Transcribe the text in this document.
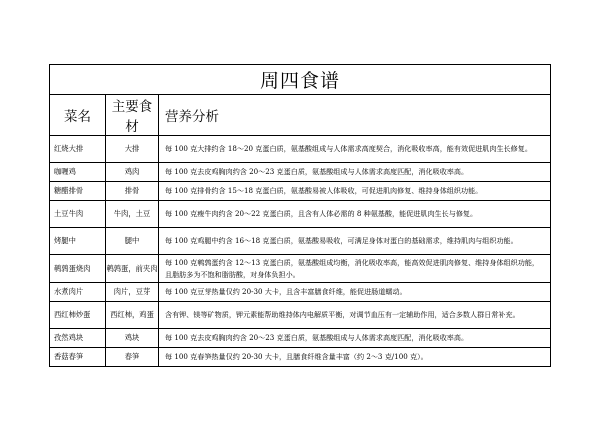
周四食谱		
菜名	主要食材	营养分析
红烧大排	大排	每 100 克大排约含 18～20 克蛋白质，氨基酸组成与人体需求高度契合，消化吸收率高，能有效促进肌肉生长修复。
咖喱鸡	鸡肉	每 100 克去皮鸡胸肉约含 20～23 克蛋白质，氨基酸组成与人体需求高度匹配，消化吸收率高。
糖醋排骨	排骨	每 100 克排骨约含 15～18 克蛋白质，氨基酸易被人体吸收，可促进肌肉修复、维持身体组织功能。
土豆牛肉	牛肉，土豆	每 100 克瘦牛肉约含 20～22 克蛋白质，且含有人体必需的 8 种氨基酸，能促进肌肉生长与修复。
烤腿中	腿中	每 100 克鸡腿中约含 16～18 克蛋白质，氨基酸易吸收，可满足身体对蛋白的基础需求，维持肌肉与组织功能。
鹌鹑蛋烧肉	鹌鹑蛋，前夹肉	每 100 克鹌鹑蛋约含 12～13 克蛋白质，氨基酸组成均衡，消化吸收率高，能高效促进肌肉修复、维持身体组织功能，且脂肪多为不饱和脂肪酸，对身体负担小。
水煮肉片	肉片，豆芽	每 100 克豆芽热量仅约 20-30 大卡，且含丰富膳食纤维，能促进肠道蠕动。
西红柿炒蛋	西红柿，鸡蛋	含有钾、镁等矿物质，钾元素能帮助维持体内电解质平衡，对调节血压有一定辅助作用，适合多数人群日常补充。
孜然鸡块	鸡块	每 100 克去皮鸡胸肉约含 20～23 克蛋白质，氨基酸组成与人体需求高度匹配，消化吸收率高。
香菇春笋	春笋	每 100 克春笋热量仅约 20-30 大卡，且膳食纤维含量丰富（约 2～3 克/100 克）。
